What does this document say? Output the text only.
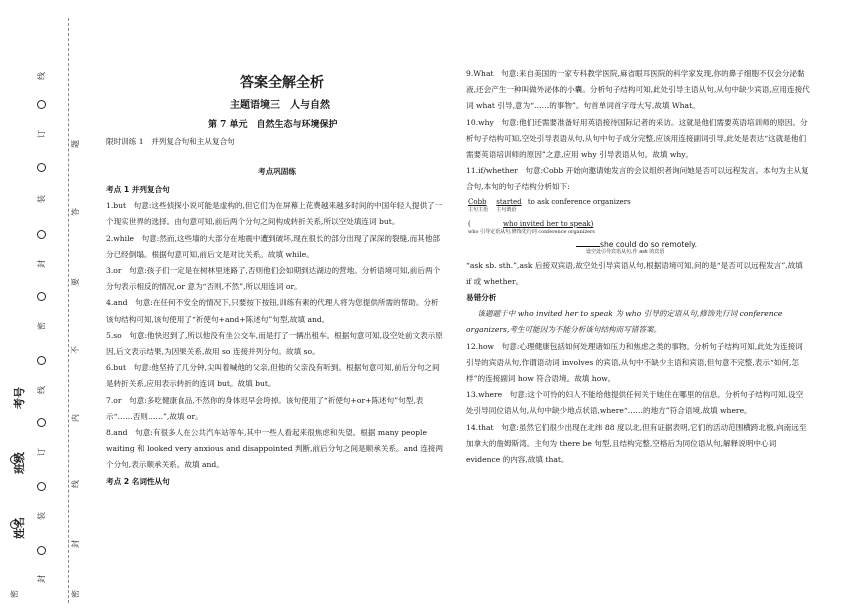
线
订
装
封
密
线
订
装
封
密
题
答
要
不
内
线
封
密
姓名
班级
考号
答案全解全析
主题语境三　人与自然
第 7 单元　自然生态与环境保护
限时训练 1　并列复合句和主从复合句
考点巩固练

考点 1 并列复合句

1.but　句意:这些侦探小说可能是虚构的,但它们为在屏幕上花费越来越多时间的中国年轻人提供了一个现实世界的选择。由句意可知,前后两个分句之间构成转折关系,所以空处填连词 but。

2.while　句意:然而,这些墙的大部分在地震中遭到破坏,现在很长的部分出现了深深的裂缝,而其他部分已经倒塌。根据句意可知,前后文是对比关系。故填 while。

3.or　句意:孩子们一定是在树林里迷路了,否则他们会如期到达湖边的营地。分析语境可知,前后两个分句表示相反的情况,or 意为“否则,不然”,所以用连词 or。

4.and　句意:在任何不安全的情况下,只要按下按钮,训练有素的代理人将为您提供所需的帮助。分析该句结构可知,该句使用了“祈使句+and+陈述句”句型,故填 and。

5.so　句意:他快迟到了,所以他没有坐公交车,而是打了一辆出租车。根据句意可知,设空处前文表示原因,后文表示结果,为因果关系,故用 so 连接并列分句。故填 so。

6.but　句意:他坚持了几分钟,尖叫着喊他的父亲,但他的父亲没有听到。根据句意可知,前后分句之间是转折关系,应用表示转折的连词 but。故填 but。

7.or　句意:多吃健康食品,不然你的身体迟早会垮掉。该句使用了“祈使句+or+陈述句”句型,表示“……否则……”,故填 or。

8.and　句意:有很多人在公共汽车站等车,其中一些人看起来很焦虑和失望。根据 many people waiting 和 looked very anxious and disappointed 判断,前后分句之间是顺承关系。and 连接两个分句,表示顺承关系。故填 and。

考点 2 名词性从句

9.What　句意:来自美国的一家专科教学医院,麻省眼耳医院的科学家发现,你的鼻子细胞不仅会分泌黏液,还会产生一种叫做外泌体的小囊。分析句子结构可知,此处引导主语从句,从句中缺少宾语,应用连接代词 what 引导,意为“……的事物”。句首单词首字母大写,故填 What。

10.why　句意:他们还需要准备好用英语接待国际记者的采访。这就是他们需要英语培训师的原因。分析句子结构可知,空处引导表语从句,从句中句子成分完整,应该用连接副词引导,此处是表达“这就是他们需要英语培训师的原因”之意,应用 why 引导表语从句。故填 why。

11.if/whether　句意:Cobb 开始向邀请她发言的会议组织者询问她是否可以远程发言。本句为主从复合句,本句的句子结构分析如下:

Cobb
主句主语
started
主句谓语
to ask conference organizers
(	who invited her to speak)
who 引导定语从句,修饰先行词 conference organizers
she could do so remotely.
设空处引导宾语从句,作 ask 的宾语

“ask sb. sth.”,ask 后接双宾语,故空处引导宾语从句,根据语境可知,问的是“是否可以远程发言”,故填 if 或 whether。

易错分析

该题题干中 who invited her to speak 为 who 引导的定语从句,修饰先行词 conference organizers,考生可能因为不能分析该句结构而写错答案。

12.how　句意:心理健康包括如何处理诸如压力和焦虑之类的事物。分析句子结构可知,此处为连接词引导的宾语从句,作谓语动词 involves 的宾语,从句中不缺少主语和宾语,但句意不完整,表示“如何,怎样”的连接副词 how 符合语境。故填 how。

13.where　句意:这个可怜的妇人不能给他提供任何关于她住在哪里的信息。分析句子结构可知,设空处引导同位语从句,从句中缺少地点状语,where“……的地方”符合语境,故填 where。

14.that　句意:虽然它们很少出现在北纬 88 度以北,但有证据表明,它们的活动范围横跨北极,向南远至加拿大的詹姆斯湾。主句为 there be 句型,且结构完整,空格后为同位语从句,解释说明中心词 evidence 的内容,故填 that。
